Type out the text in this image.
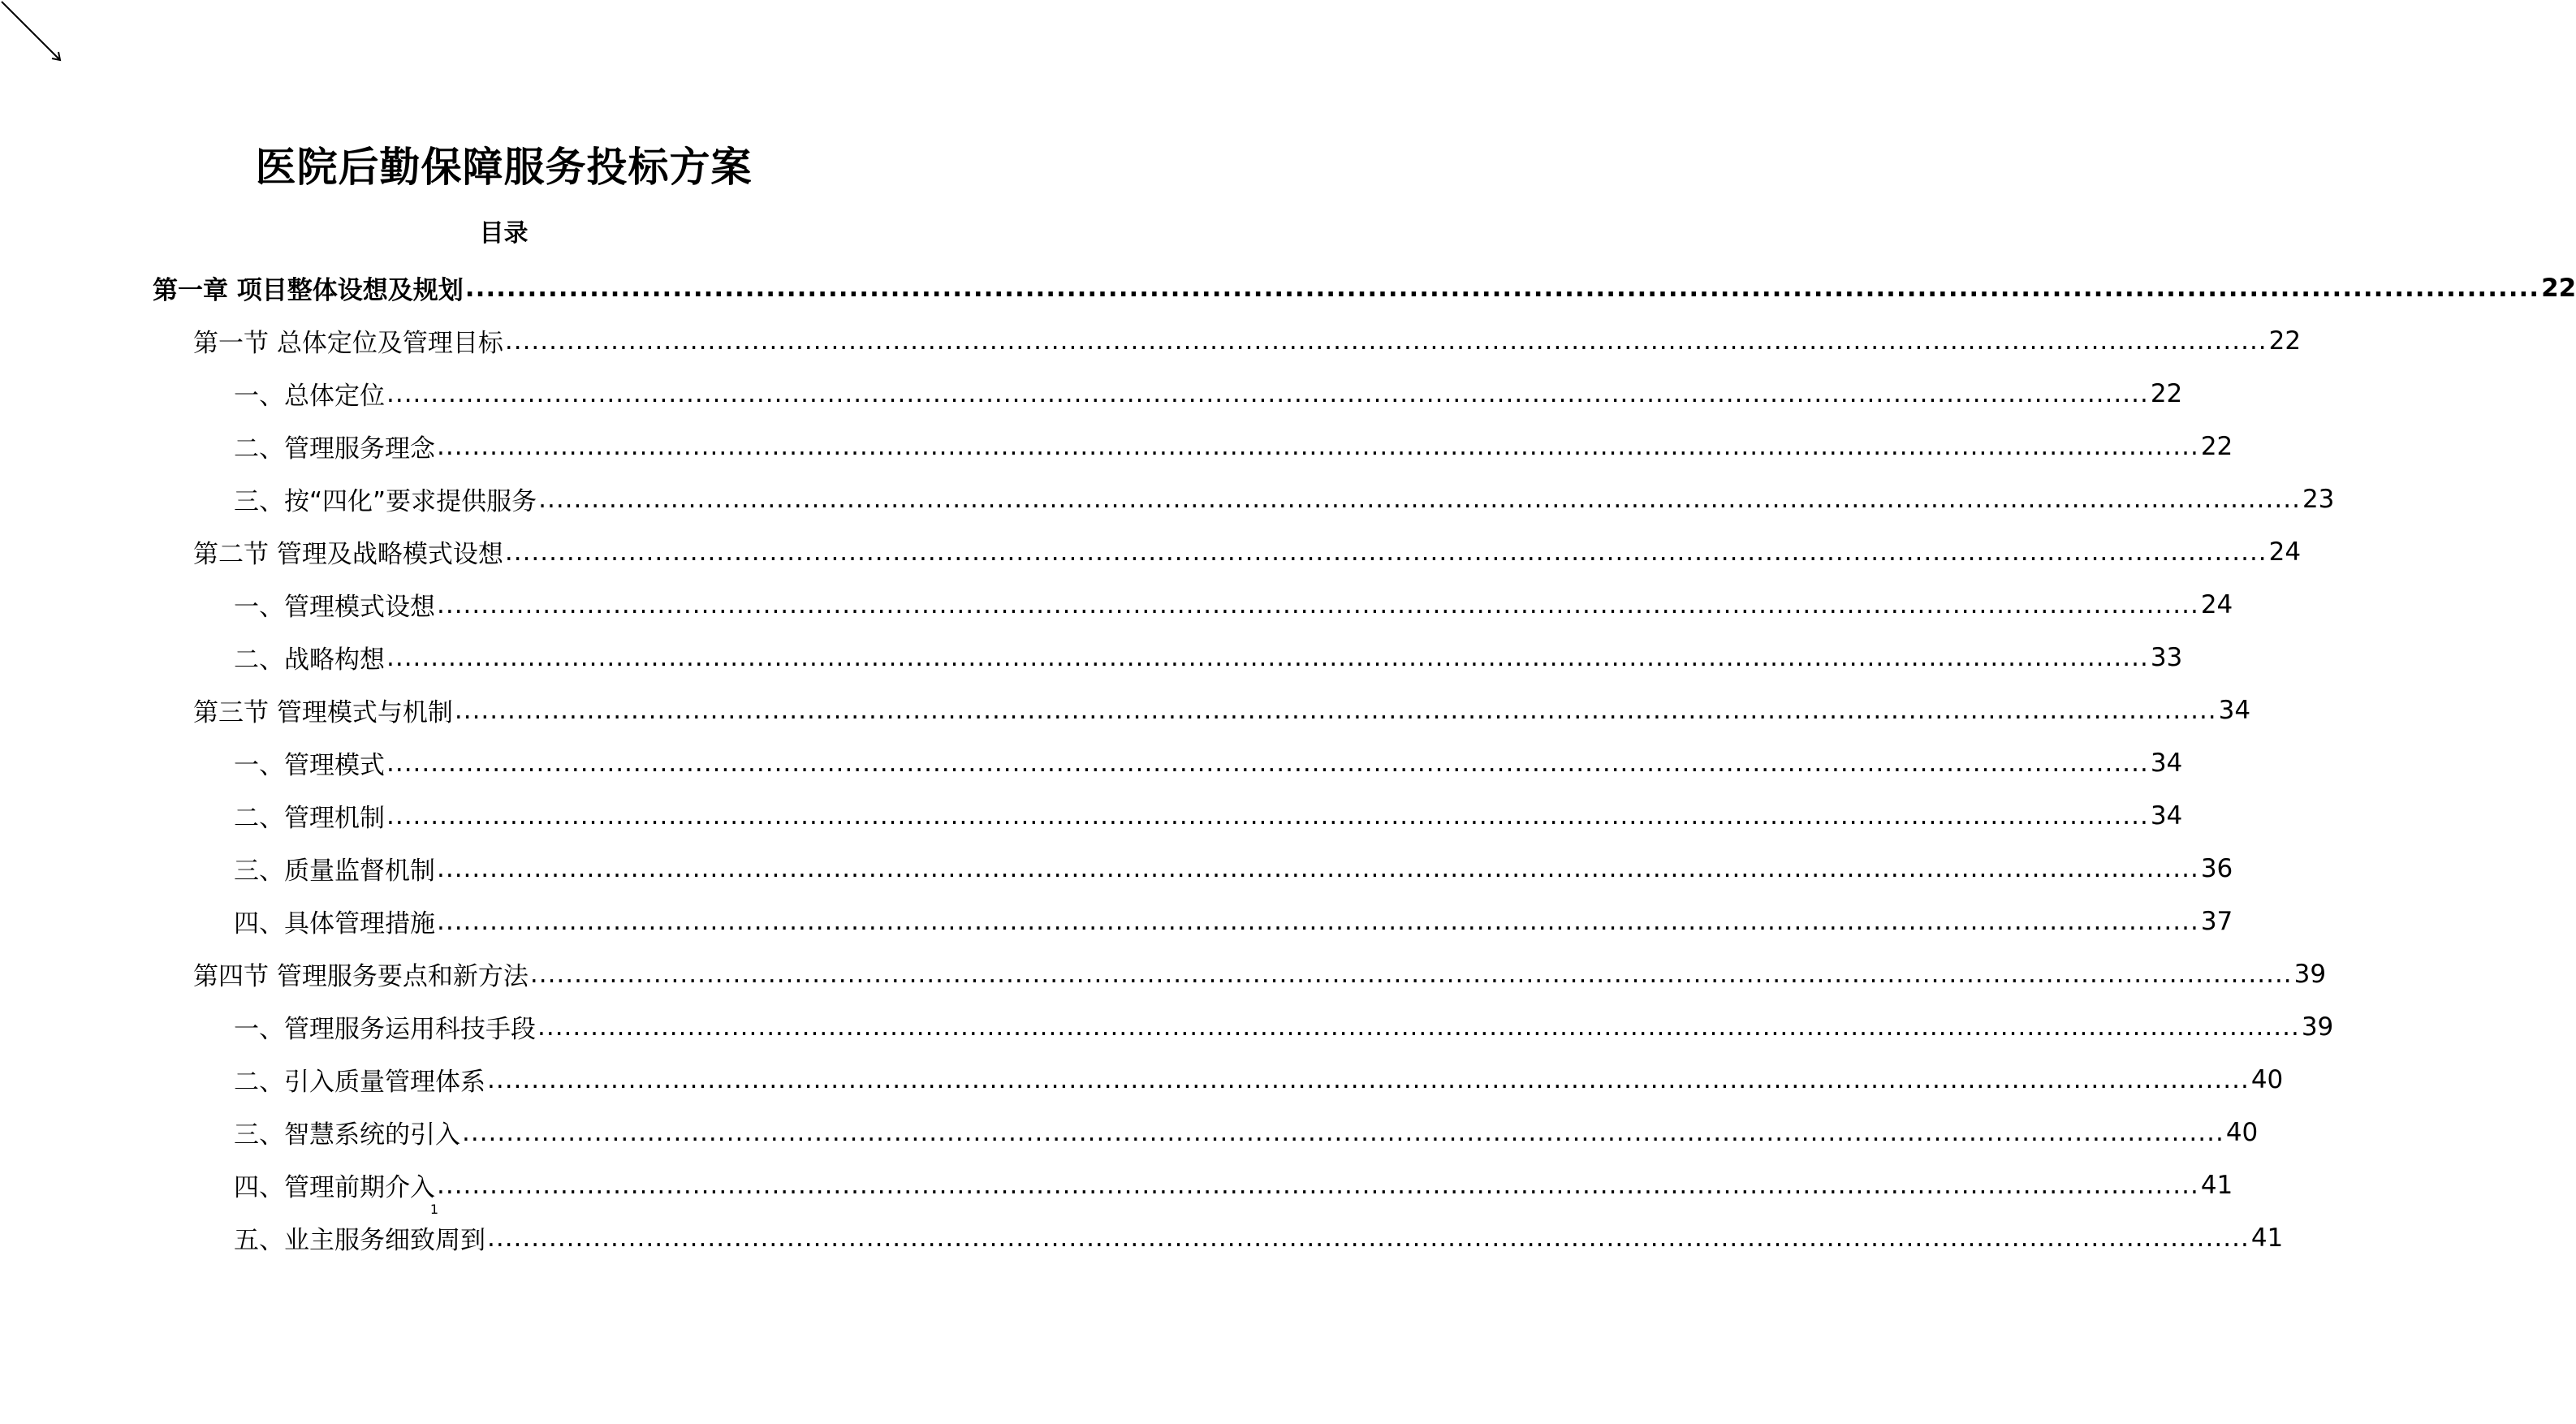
医院后勤保障服务投标方案
目录
第一章 项目整体设想及规划 ........................................................................................................................................................................................................ 22
第一节 总体定位及管理目标 ........................................................................................................................................................................................................ 22
一、总体定位 ........................................................................................................................................................................................................ 22
二、管理服务理念 ........................................................................................................................................................................................................ 22
三、按“四化”要求提供服务 ........................................................................................................................................................................................................ 23
第二节 管理及战略模式设想 ........................................................................................................................................................................................................ 24
一、管理模式设想 ........................................................................................................................................................................................................ 24
二、战略构想 ........................................................................................................................................................................................................ 33
第三节 管理模式与机制 ........................................................................................................................................................................................................ 34
一、管理模式 ........................................................................................................................................................................................................ 34
二、管理机制 ........................................................................................................................................................................................................ 34
三、质量监督机制 ........................................................................................................................................................................................................ 36
四、具体管理措施 ........................................................................................................................................................................................................ 37
第四节 管理服务要点和新方法 ........................................................................................................................................................................................................ 39
一、管理服务运用科技手段 ........................................................................................................................................................................................................ 39
二、引入质量管理体系 ........................................................................................................................................................................................................ 40
三、智慧系统的引入 ........................................................................................................................................................................................................ 40
四、管理前期介入 ........................................................................................................................................................................................................ 41
五、业主服务细致周到 ........................................................................................................................................................................................................ 41
1
